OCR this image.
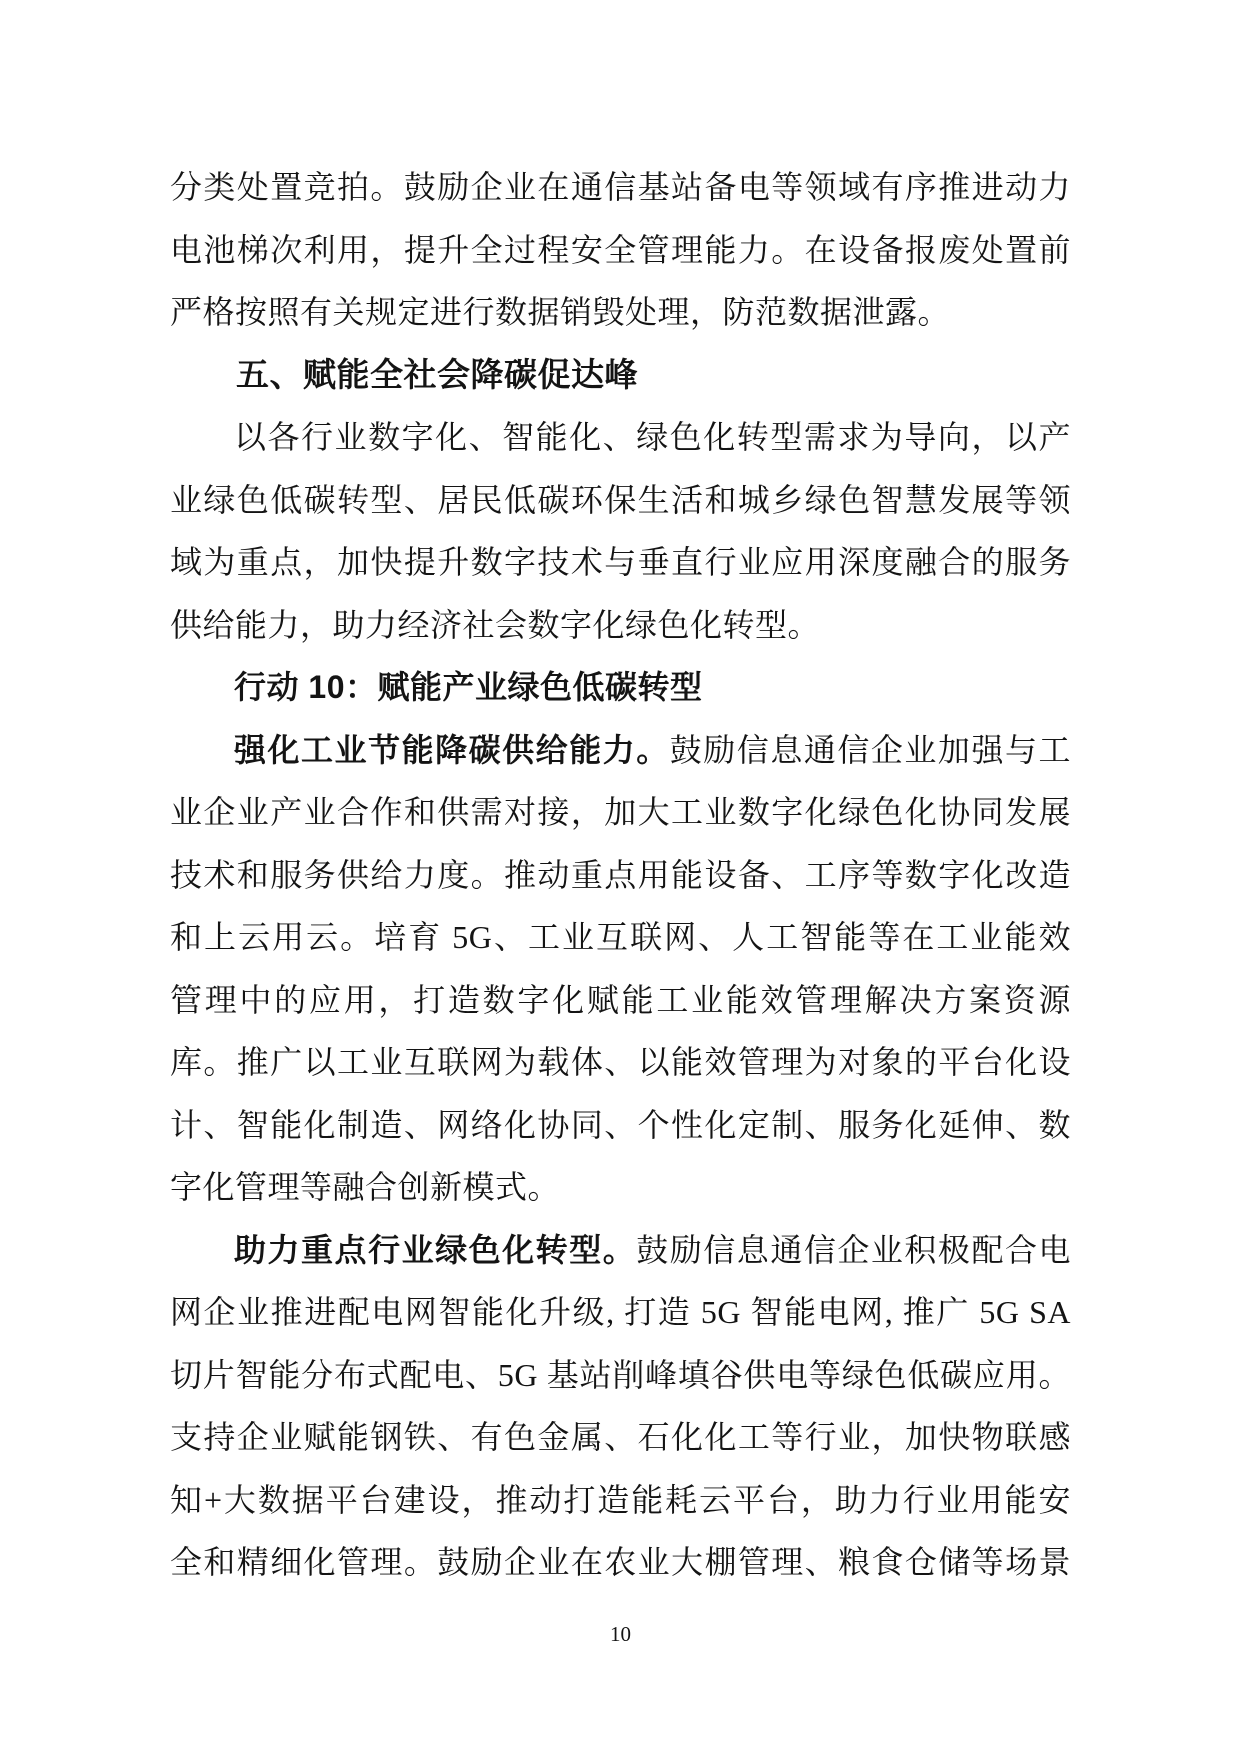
分类处置竞拍。鼓励企业在通信基站备电等领域有序推进动力
电池梯次利用，提升全过程安全管理能力。在设备报废处置前
严格按照有关规定进行数据销毁处理，防范数据泄露。
五、赋能全社会降碳促达峰
以各行业数字化、智能化、绿色化转型需求为导向，以产
业绿色低碳转型、居民低碳环保生活和城乡绿色智慧发展等领
域为重点，加快提升数字技术与垂直行业应用深度融合的服务
供给能力，助力经济社会数字化绿色化转型。
行动 10：赋能产业绿色低碳转型
强化工业节能降碳供给能力。鼓励信息通信企业加强与工
业企业产业合作和供需对接，加大工业数字化绿色化协同发展
技术和服务供给力度。推动重点用能设备、工序等数字化改造
和上云用云。培育 5G、工业互联网、人工智能等在工业能效
管理中的应用，打造数字化赋能工业能效管理解决方案资源
库。推广以工业互联网为载体、以能效管理为对象的平台化设
计、智能化制造、网络化协同、个性化定制、服务化延伸、数
字化管理等融合创新模式。
助力重点行业绿色化转型。鼓励信息通信企业积极配合电
网企业推进配电网智能化升级, 打造 5G 智能电网, 推广 5G SA
切片智能分布式配电、5G 基站削峰填谷供电等绿色低碳应用。
支持企业赋能钢铁、有色金属、石化化工等行业，加快物联感
知+大数据平台建设，推动打造能耗云平台，助力行业用能安
全和精细化管理。鼓励企业在农业大棚管理、粮食仓储等场景
10
